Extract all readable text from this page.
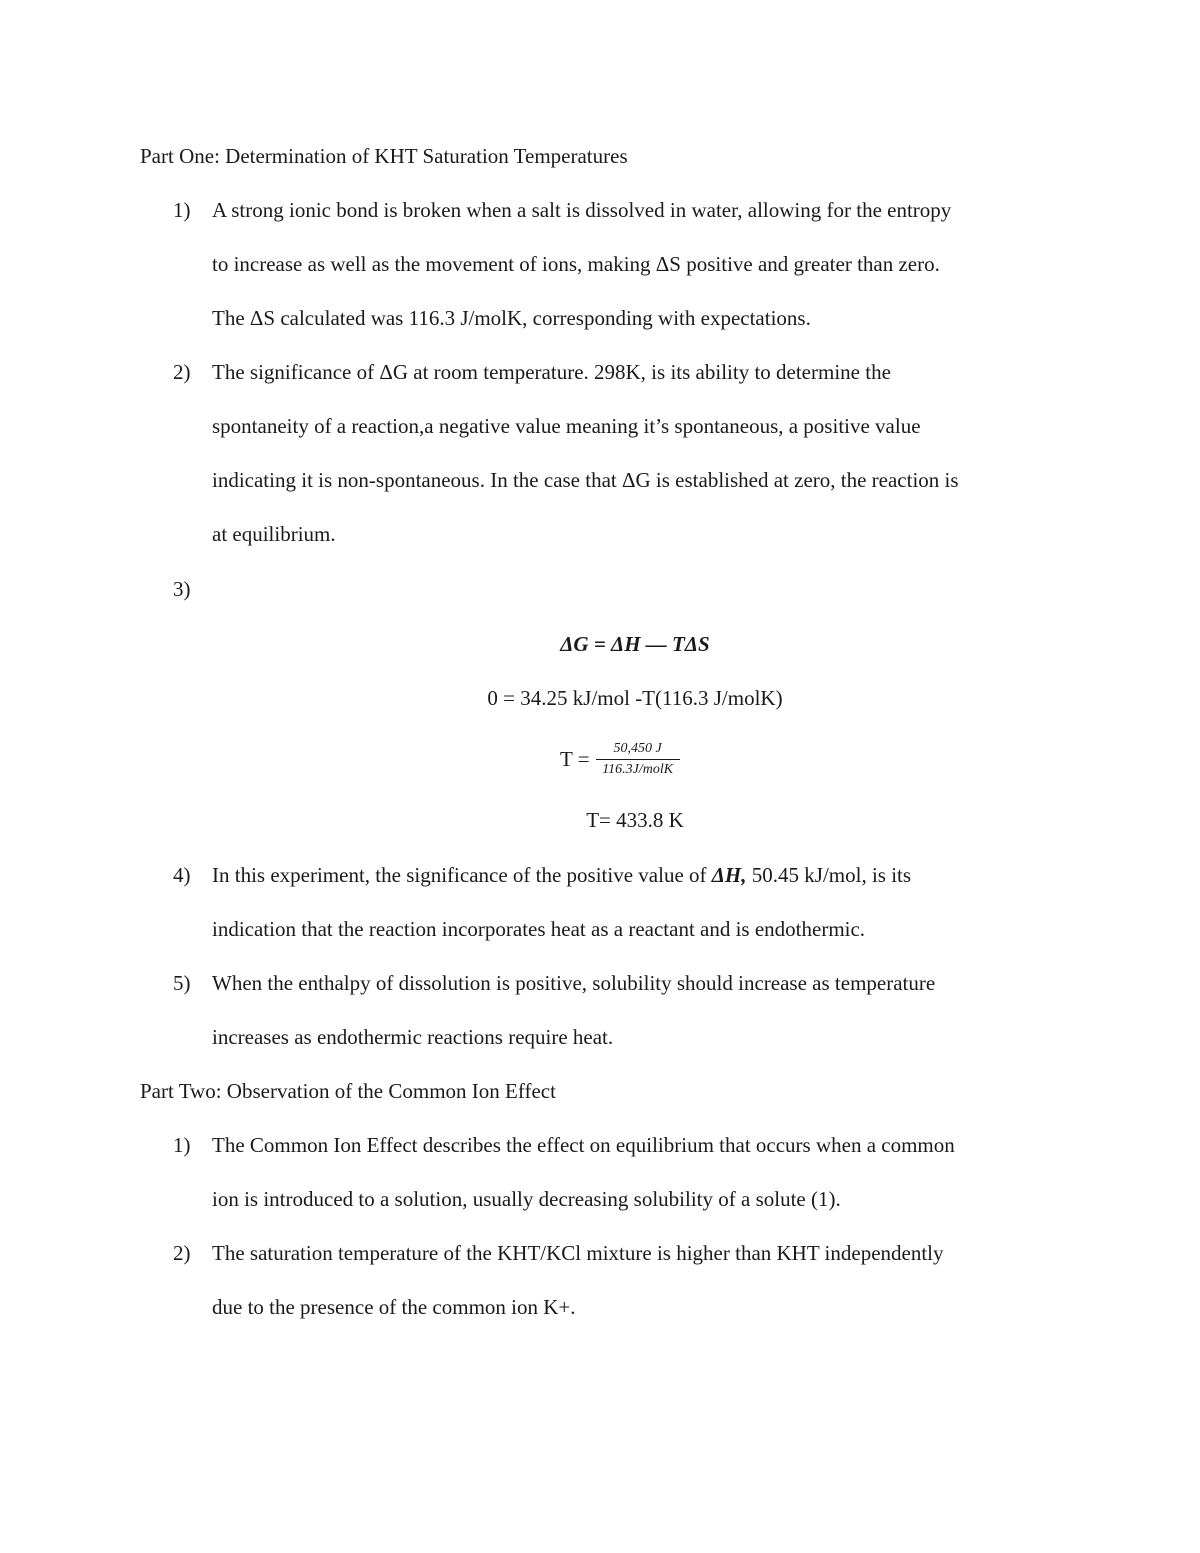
Part One: Determination of KHT Saturation Temperatures
1) A strong ionic bond is broken when a salt is dissolved in water, allowing for the entropy
to increase as well as the movement of ions, making ΔS positive and greater than zero.
The ΔS calculated was 116.3 J/molK, corresponding with expectations.
2) The significance of ΔG at room temperature. 298K, is its ability to determine the
spontaneity of a reaction,a negative value meaning it’s spontaneous, a positive value
indicating it is non-spontaneous. In the case that ΔG is established at zero, the reaction is
at equilibrium.
3)
ΔG = ΔH — TΔS
0 = 34.25 kJ/mol -T(116.3 J/molK)
$T = \frac{50,450 J}{\text{116.3J/molK}}$
T= 433.8 K
4) In this experiment, the significance of the positive value of ΔH, 50.45 kJ/mol, is its
indication that the reaction incorporates heat as a reactant and is endothermic.
5) When the enthalpy of dissolution is positive, solubility should increase as temperature
increases as endothermic reactions require heat.
Part Two: Observation of the Common Ion Effect
1) The Common Ion Effect describes the effect on equilibrium that occurs when a common
ion is introduced to a solution, usually decreasing solubility of a solute (1).
2) The saturation temperature of the KHT/KCl mixture is higher than KHT independently
due to the presence of the common ion K+.
